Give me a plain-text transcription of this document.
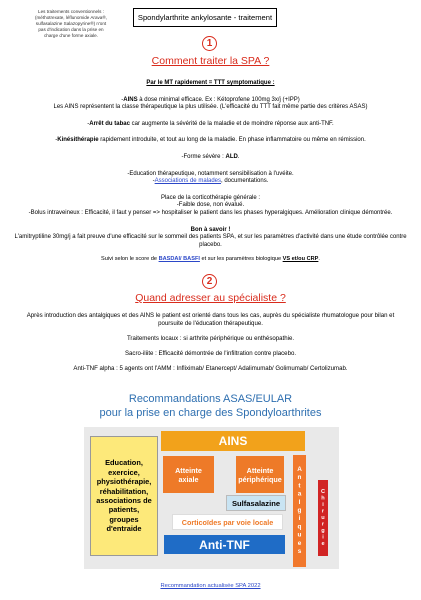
Les traitements conventionnels : (méthotrexate, léflunomide Arava®, sulfasalazine Salazopyrine®) n'ont pas d'indication dans la prise en charge d'une forme axiale.
Spondylarthrite ankylosante - traitement
1
Comment traiter la SPA ?

Par le MT rapidement = TTT symptomatique :

-AINS à dose minimal efficace. Ex : Kétoprofene 100mg 3x/j (+IPP)
Les AINS représentent la classe thérapeutique la plus utilisée. (L'efficacité du TTT fait même partie des critères ASAS)

-Arrêt du tabac car augmente la sévérité de la maladie et de moindre réponse aux anti-TNF.

-Kinésithérapie rapidement introduite, et tout au long de la maladie. En phase inflammatoire ou même en rémission.

-Forme sévère : ALD.

-Education thérapeutique, notamment sensibilisation à l'uvéite.
-Associations de malades, documentations.

Place de la corticothérapie générale :
-Faible dose, non évalué.
-Bolus intraveineux : Efficacité, il faut y penser => hospitaliser le patient dans les phases hyperalgiques. Amélioration clinique démontrée.

Bon à savoir !
L'amitryptiline 30mg/j a fait preuve d'une efficacité sur le sommeil des patients SPA, et sur les paramètres d'activité dans une étude contrôlée contre placebo.

Suivi selon le score de BASDAI/ BASFI et sur les paramètres biologique VS et/ou CRP.

2
Quand adresser au spécialiste ?

Après introduction des antalgiques et des AINS le patient est orienté dans tous les cas, auprès du spécialiste rhumatologue pour bilan et poursuite de l'éducation thérapeutique.

Traitements locaux : si arthrite périphérique ou enthésopathie.

Sacro-iliite : Efficacité démontrée de l'infiltration contre placebo.

Anti-TNF alpha : 5 agents ont l'AMM : Infliximab/ Etanercept/ Adalimumab/ Golimumab/ Certolizumab.

Recommandations ASAS/EULAR
pour la prise en charge des Spondyloarthrites
Education, exercice, physiothérapie, réhabilitation, associations de patients, groupes d'entraide
AINS
Atteinte axiale
Atteinte périphérique
Sulfasalazine
Corticoïdes par voie locale
Anti-TNF	Antalgiques	Chirurgie
Recommandation actualisée SPA 2022
